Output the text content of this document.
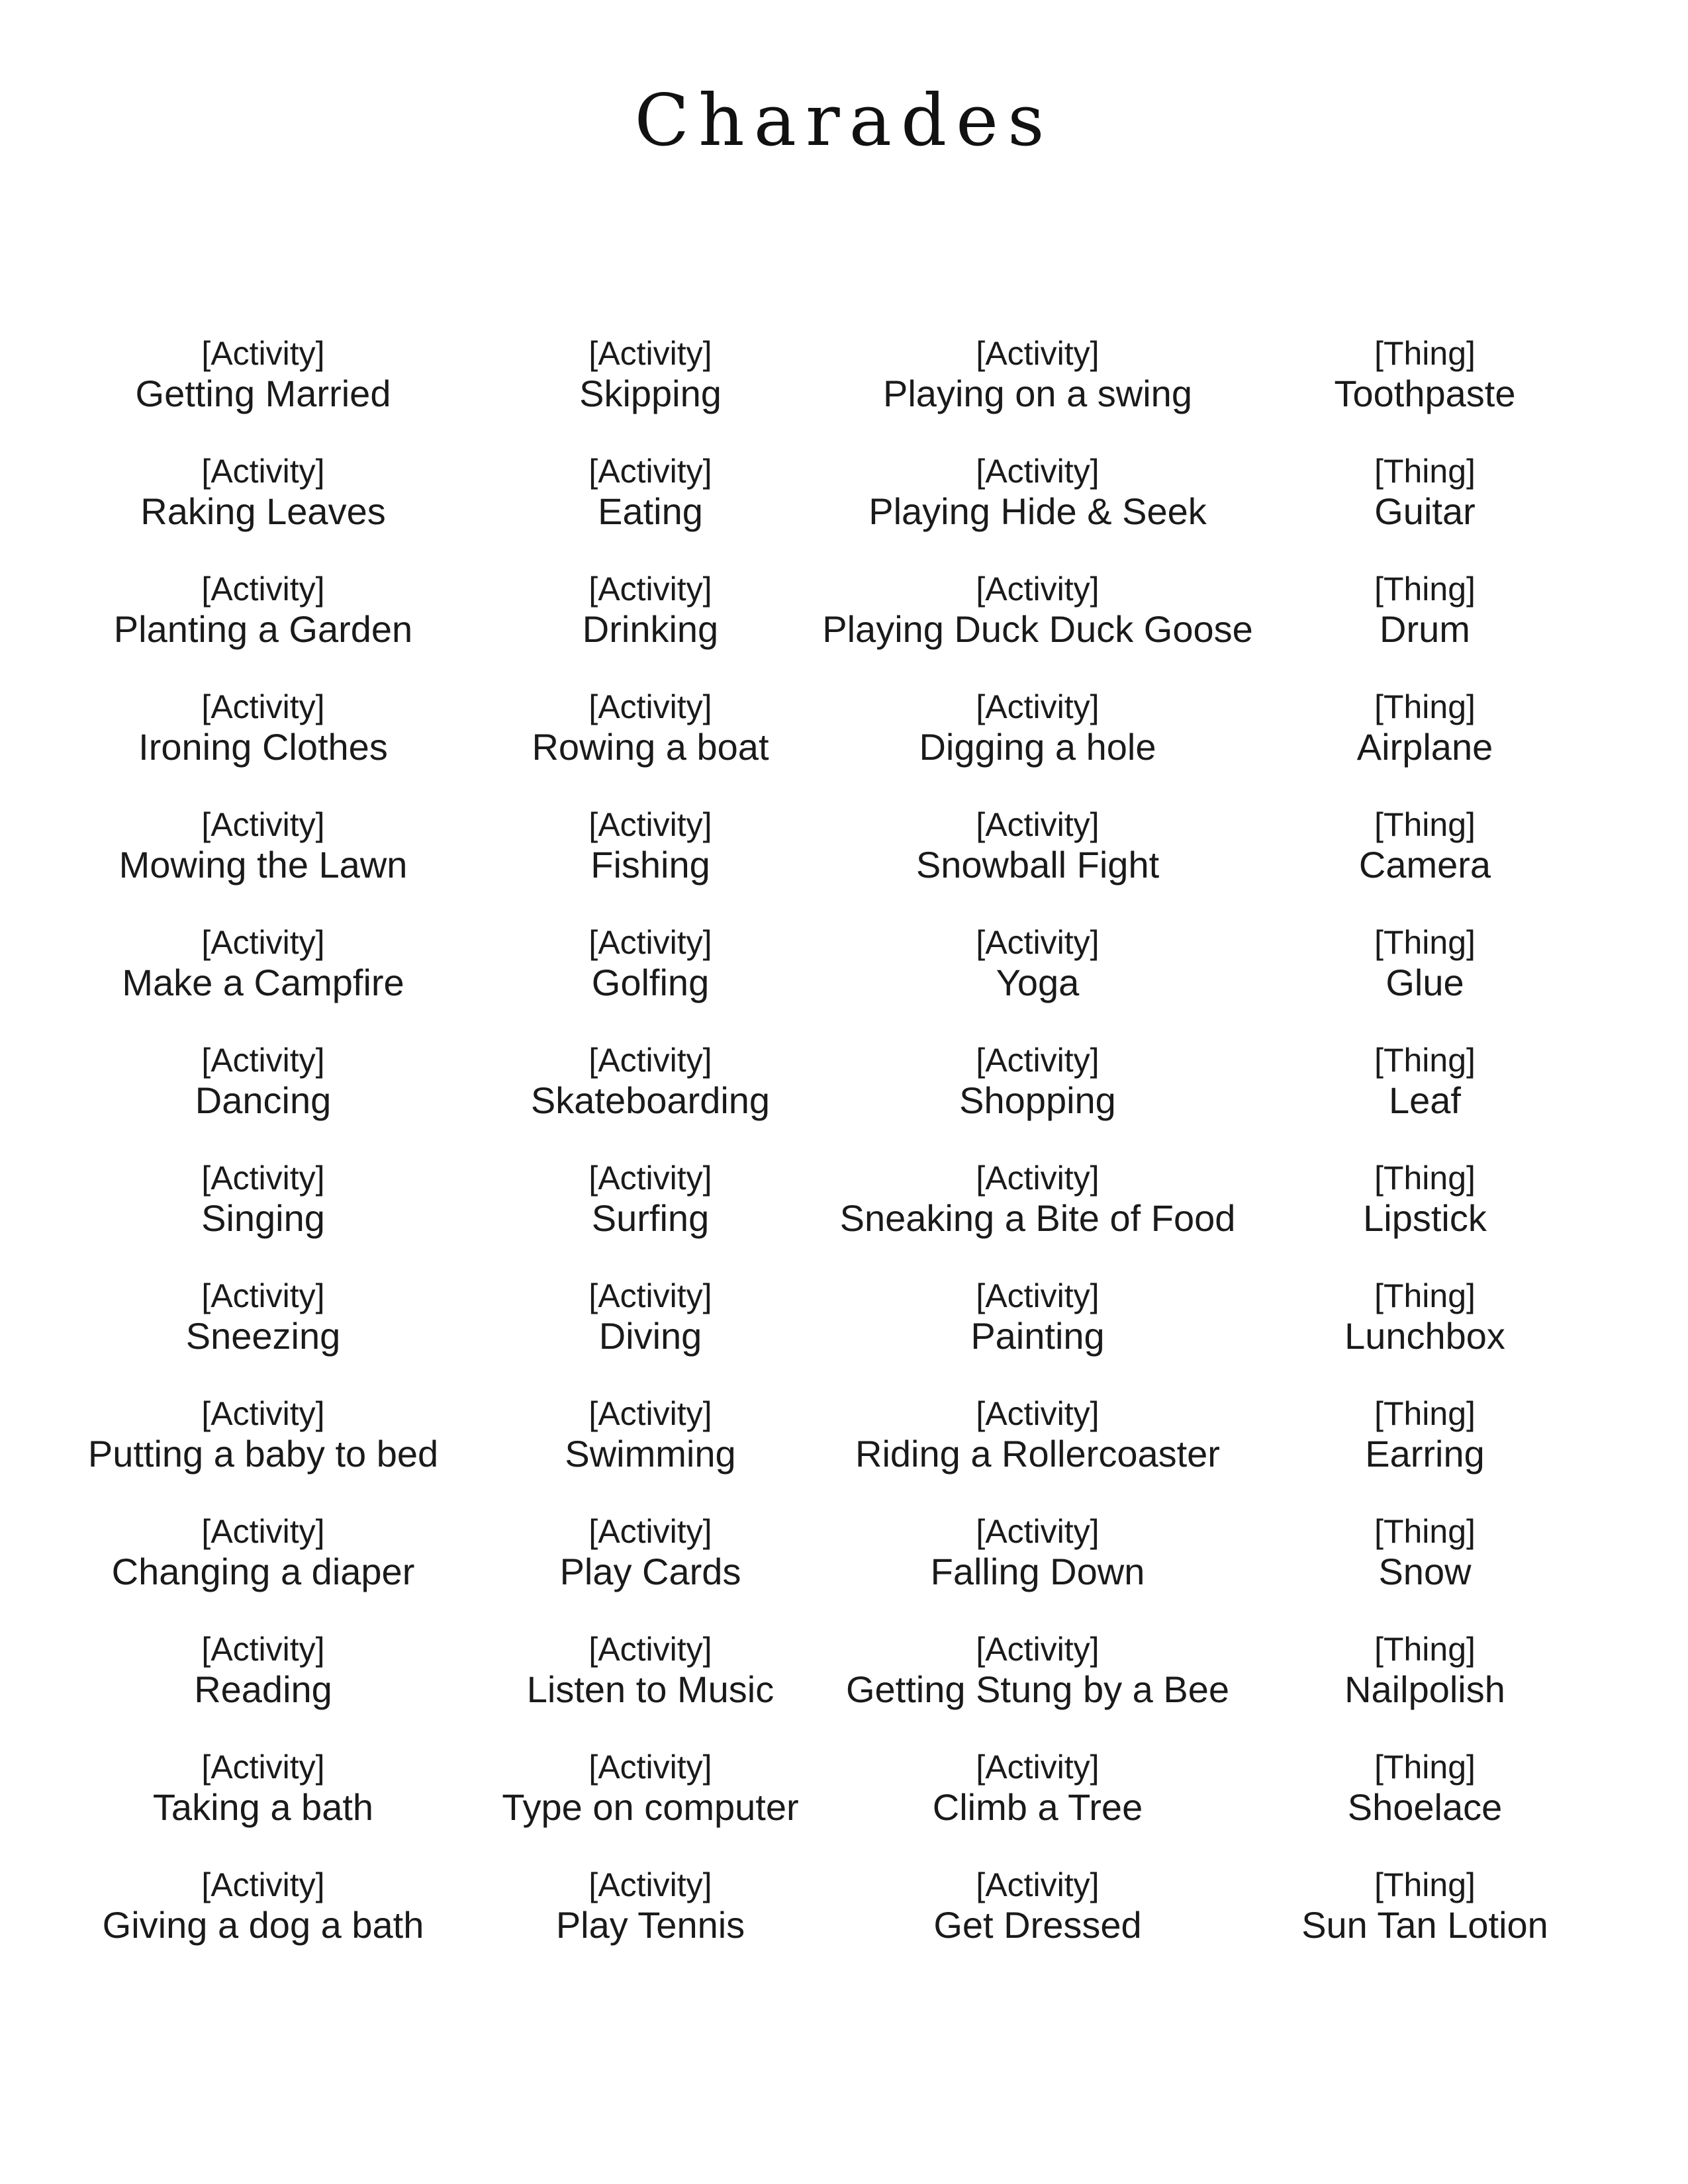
Charades
[Activity]
Getting Married
[Activity]
Skipping
[Activity]
Playing on a swing
[Thing]
Toothpaste
[Activity]
Raking Leaves
[Activity]
Eating
[Activity]
Playing Hide & Seek
[Thing]
Guitar
[Activity]
Planting a Garden
[Activity]
Drinking
[Activity]
Playing Duck Duck Goose
[Thing]
Drum
[Activity]
Ironing Clothes
[Activity]
Rowing a boat
[Activity]
Digging a hole
[Thing]
Airplane
[Activity]
Mowing the Lawn
[Activity]
Fishing
[Activity]
Snowball Fight
[Thing]
Camera
[Activity]
Make a Campfire
[Activity]
Golfing
[Activity]
Yoga
[Thing]
Glue
[Activity]
Dancing
[Activity]
Skateboarding
[Activity]
Shopping
[Thing]
Leaf
[Activity]
Singing
[Activity]
Surfing
[Activity]
Sneaking a Bite of Food
[Thing]
Lipstick
[Activity]
Sneezing
[Activity]
Diving
[Activity]
Painting
[Thing]
Lunchbox
[Activity]
Putting a baby to bed
[Activity]
Swimming
[Activity]
Riding a Rollercoaster
[Thing]
Earring
[Activity]
Changing a diaper
[Activity]
Play Cards
[Activity]
Falling Down
[Thing]
Snow
[Activity]
Reading
[Activity]
Listen to Music
[Activity]
Getting Stung by a Bee
[Thing]
Nailpolish
[Activity]
Taking a bath
[Activity]
Type on computer
[Activity]
Climb a Tree
[Thing]
Shoelace
[Activity]
Giving a dog a bath
[Activity]
Play Tennis
[Activity]
Get Dressed
[Thing]
Sun Tan Lotion
